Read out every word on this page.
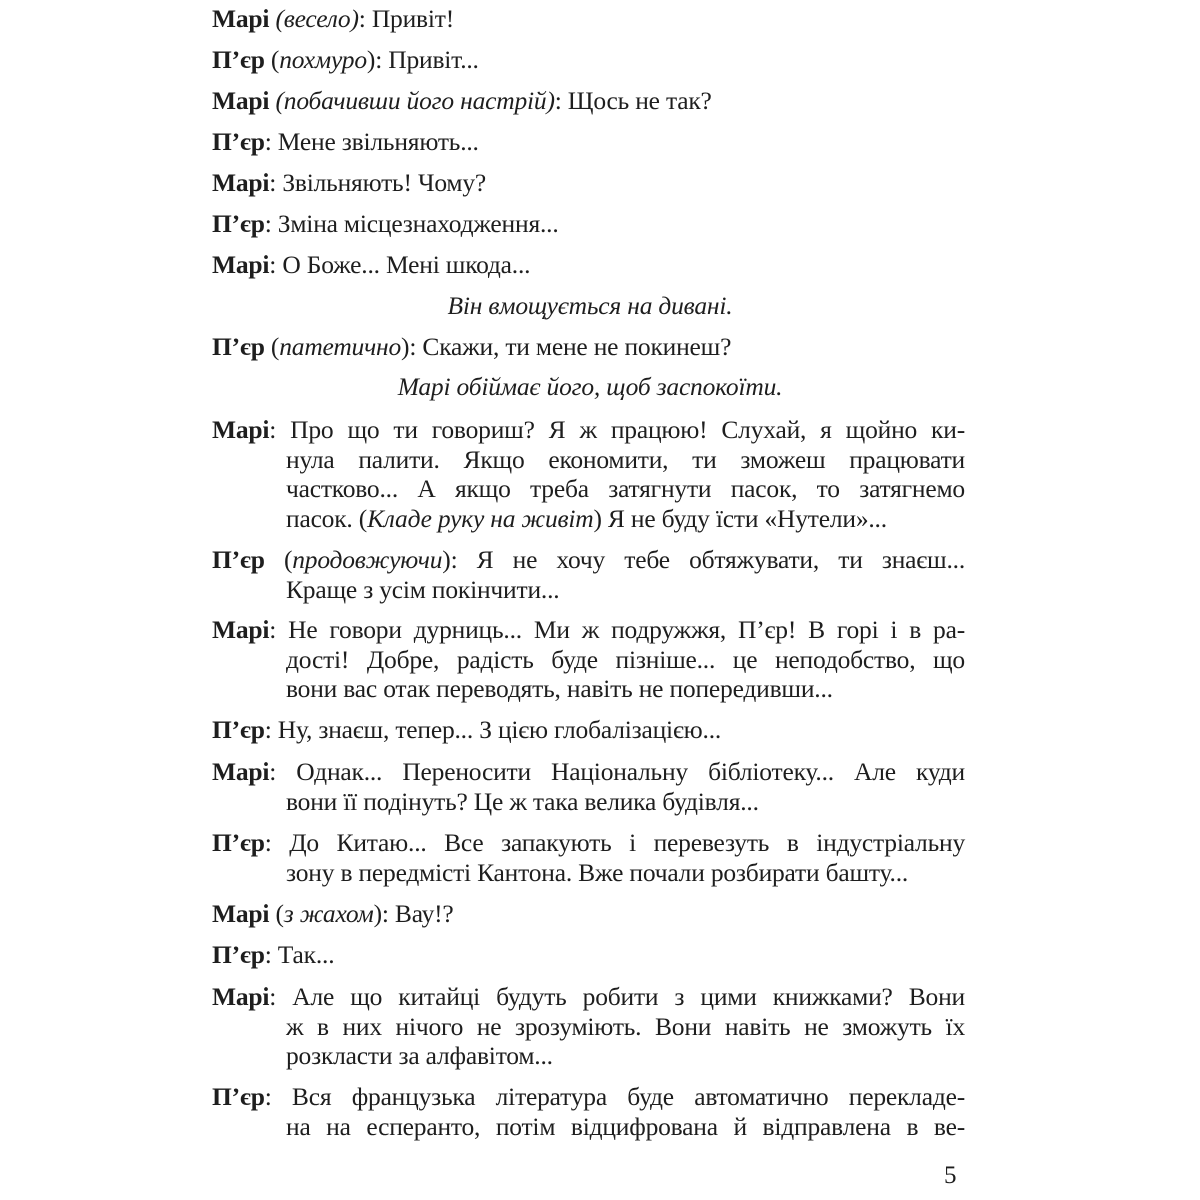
Марі (весело): Привіт!
П’єр (похмуро): Привіт...
Марі (побачивши його настрій): Щось не так?
П’єр: Мене звільняють...
Марі: Звільняють! Чому?
П’єр: Зміна місцезнаходження...
Марі: О Боже... Мені шкода...
Він вмощується на дивані.
П’єр (патетично): Скажи, ти мене не покинеш?
Марі обіймає його, щоб заспокоїти.
Марі: Про що ти говориш? Я ж працюю! Слухай, я щойно ки-
нула палити. Якщо економити, ти зможеш працювати
частково... А якщо треба затягнути пасок, то затягнемо
пасок. (Кладе руку на живіт) Я не буду їсти «Нутели»...
П’єр (продовжуючи): Я не хочу тебе обтяжувати, ти знаєш...
Краще з усім покінчити...
Марі: Не говори дурниць... Ми ж подружжя, П’єр! В горі і в ра-
дості! Добре, радість буде пізніше... це неподобство, що
вони вас отак переводять, навіть не попередивши...
П’єр: Ну, знаєш, тепер... З цією глобалізацією...
Марі: Однак... Переносити Національну бібліотеку... Але куди
вони її подінуть? Це ж така велика будівля...
П’єр: До Китаю... Все запакують і перевезуть в індустріальну
зону в передмісті Кантона. Вже почали розбирати башту...
Марі (з жахом): Вау!?
П’єр: Так...
Марі: Але що китайці будуть робити з цими книжками? Вони
ж в них нічого не зрозуміють. Вони навіть не зможуть їх
розкласти за алфавітом...
П’єр: Вся французька література буде автоматично перекладе-
на на есперанто, потім відцифрована й відправлена в ве-
5
